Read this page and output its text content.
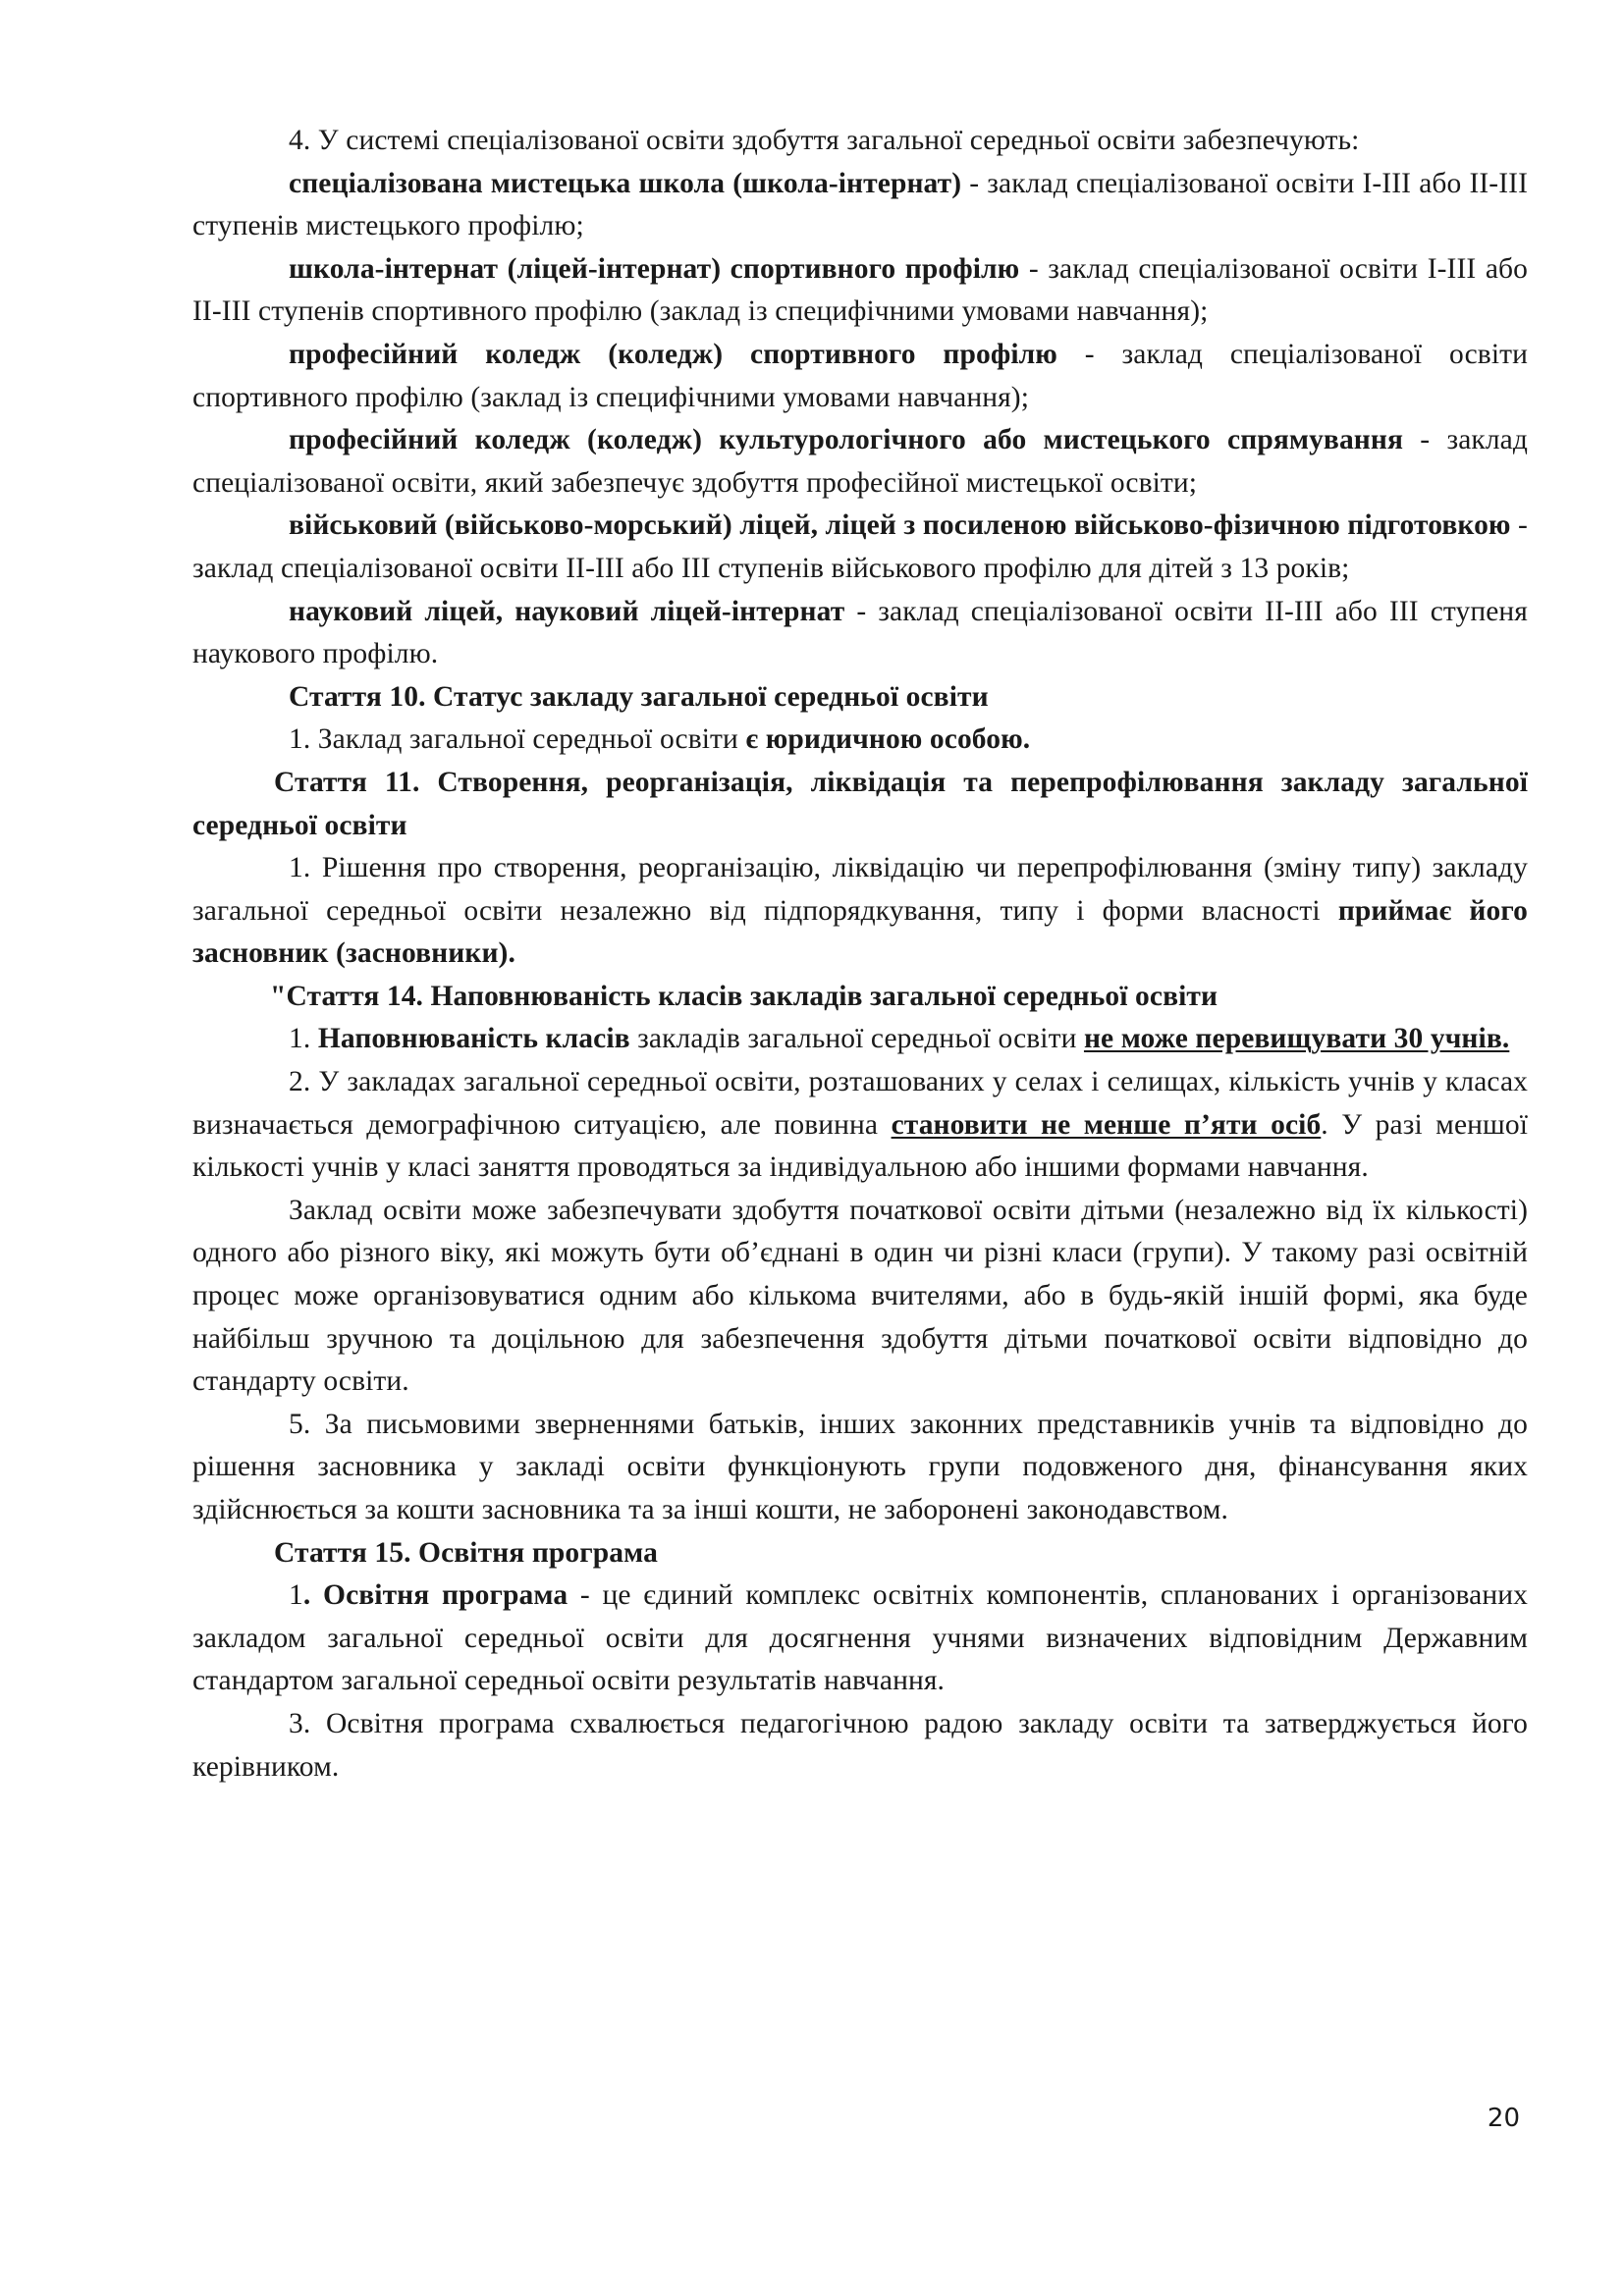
4. У системі спеціалізованої освіти здобуття загальної середньої освіти забезпечують:

спеціалізована мистецька школа (школа-інтернат) - заклад спеціалізованої освіти I-III або II-III ступенів мистецького профілю;

школа-інтернат (ліцей-інтернат) спортивного профілю - заклад спеціалізованої освіти I-III або II-III ступенів спортивного профілю (заклад із специфічними умовами навчання);

професійний коледж (коледж) спортивного профілю - заклад спеціалізованої освіти спортивного профілю (заклад із специфічними умовами навчання);

професійний коледж (коледж) культурологічного або мистецького спрямування - заклад спеціалізованої освіти, який забезпечує здобуття професійної мистецької освіти;

військовий (військово-морський) ліцей, ліцей з посиленою військово-фізичною підготовкою - заклад спеціалізованої освіти II-III або III ступенів військового профілю для дітей з 13 років;

науковий ліцей, науковий ліцей-інтернат - заклад спеціалізованої освіти II-III або III ступеня наукового профілю.

Стаття 10. Статус закладу загальної середньої освіти

1. Заклад загальної середньої освіти є юридичною особою.

Стаття 11. Створення, реорганізація, ліквідація та перепрофілювання закладу загальної середньої освіти

1. Рішення про створення, реорганізацію, ліквідацію чи перепрофілювання (зміну типу) закладу загальної середньої освіти незалежно від підпорядкування, типу і форми власності приймає його засновник (засновники).

"Стаття 14. Наповнюваність класів закладів загальної середньої освіти

1. Наповнюваність класів закладів загальної середньої освіти не може перевищувати 30 учнів.

2. У закладах загальної середньої освіти, розташованих у селах і селищах, кількість учнів у класах визначається демографічною ситуацією, але повинна становити не менше п’яти осіб. У разі меншої кількості учнів у класі заняття проводяться за індивідуальною або іншими формами навчання.

Заклад освіти може забезпечувати здобуття початкової освіти дітьми (незалежно від їх кількості) одного або різного віку, які можуть бути об’єднані в один чи різні класи (групи). У такому разі освітній процес може організовуватися одним або кількома вчителями, або в будь-якій іншій формі, яка буде найбільш зручною та доцільною для забезпечення здобуття дітьми початкової освіти відповідно до стандарту освіти.

5. За письмовими зверненнями батьків, інших законних представників учнів та відповідно до рішення засновника у закладі освіти функціонують групи подовженого дня, фінансування яких здійснюється за кошти засновника та за інші кошти, не заборонені законодавством.

Стаття 15. Освітня програма

1. Освітня програма - це єдиний комплекс освітніх компонентів, спланованих і організованих закладом загальної середньої освіти для досягнення учнями визначених відповідним Державним стандартом загальної середньої освіти результатів навчання.

3. Освітня програма схвалюється педагогічною радою закладу освіти та затверджується його керівником.

20
